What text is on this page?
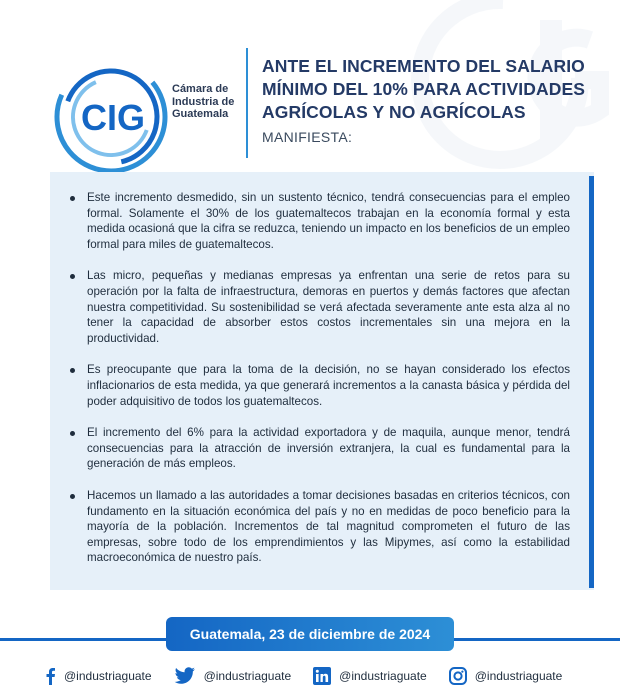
CIG
Cámara de
Industria de
Guatemala
ANTE EL INCREMENTO DEL SALARIO
MÍNIMO DEL 10% PARA ACTIVIDADES
AGRÍCOLAS Y NO AGRÍCOLAS
MANIFIESTA:
Este incremento desmedido, sin un sustento técnico, tendrá consecuencias para el empleo formal. Solamente el 30% de los guatemaltecos trabajan en la economía formal y esta medida ocasioná que la cifra se reduzca, teniendo un impacto en los beneficios de un empleo formal para miles de guatemaltecos.
Las micro, pequeñas y medianas empresas ya enfrentan una serie de retos para su operación por la falta de infraestructura, demoras en puertos y demás factores que afectan nuestra competitividad. Su sostenibilidad se verá afectada severamente ante esta alza al no tener la capacidad de absorber estos costos incrementales sin una mejora en la productividad.
Es preocupante que para la toma de la decisión, no se hayan considerado los efectos inflacionarios de esta medida, ya que generará incrementos a la canasta básica y pérdida del poder adquisitivo de todos los guatemaltecos.
El incremento del 6% para la actividad exportadora y de maquila, aunque menor, tendrá consecuencias para la atracción de inversión extranjera, la cual es fundamental para la generación de más empleos.
Hacemos un llamado a las autoridades a tomar decisiones basadas en criterios técnicos, con fundamento en la situación económica del país y no en medidas de poco beneficio para la mayoría de la población. Incrementos de tal magnitud comprometen el futuro de las empresas, sobre todo de los emprendimientos y las Mipymes, así como la estabilidad macroeconómica de nuestro país.
Guatemala, 23 de diciembre de 2024
@industriaguate	@industriaguate	@industriaguate	@industriaguate
